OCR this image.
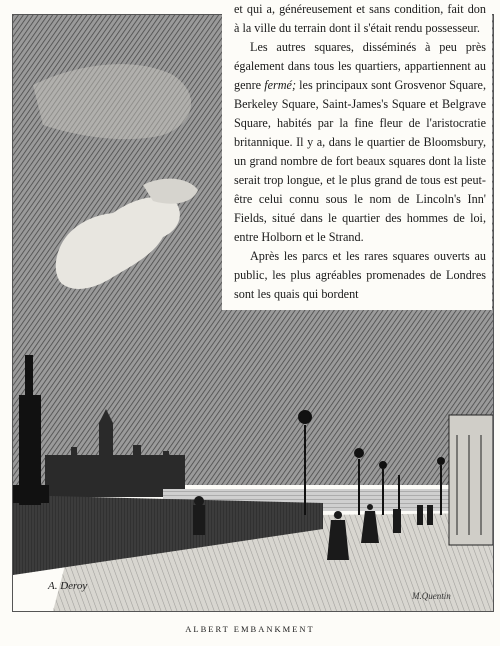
et qui a, généreusement et sans condition, fait don à la ville du terrain dont il s'était rendu possesseur.

Les autres squares, disséminés à peu près également dans tous les quartiers, appartiennent au genre fermé; les principaux sont Grosvenor Square, Berkeley Square, Saint-James's Square et Belgrave Square, habités par la fine fleur de l'aristocratie britannique. Il y a, dans le quartier de Bloomsbury, un grand nombre de fort beaux squares dont la liste serait trop longue, et le plus grand de tous est peut-être celui connu sous le nom de Lincoln's Inn' Fields, situé dans le quartier des hommes de loi, entre Holborn et le Strand.

Après les parcs et les rares squares ouverts au public, les plus agréables promenades de Londres sont les quais qui bordent

A. Deroy
M.Quentin
ALBERT EMBANKMENT
